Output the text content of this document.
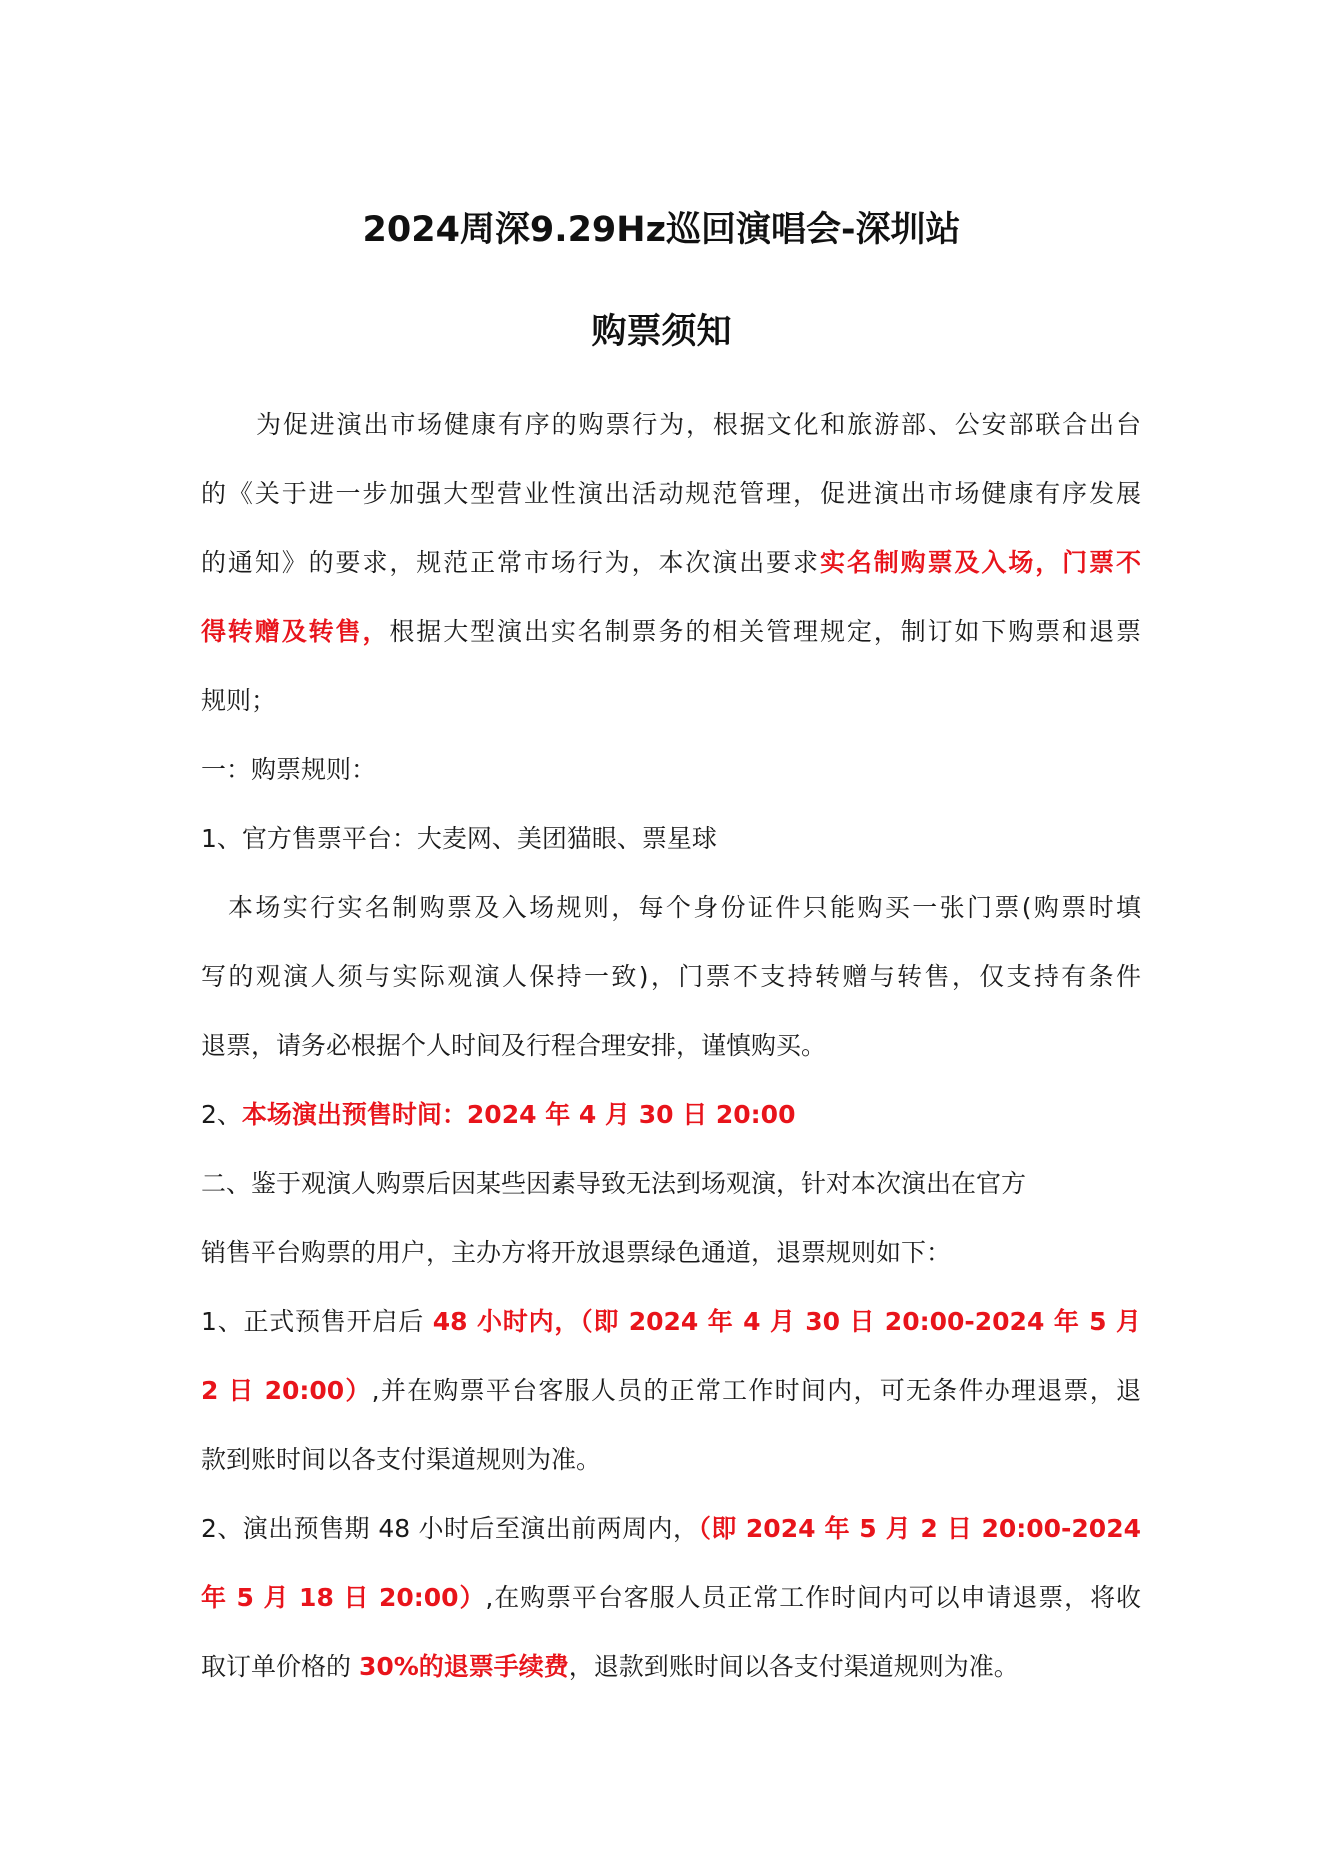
2024周深9.29Hz巡回演唱会-深圳站
购票须知
为促进演出市场健康有序的购票行为，根据文化和旅游部、公安部联合出台
的《关于进一步加强大型营业性演出活动规范管理，促进演出市场健康有序发展
的通知》的要求，规范正常市场行为，本次演出要求实名制购票及入场，门票不
得转赠及转售，根据大型演出实名制票务的相关管理规定，制订如下购票和退票
规则；
一：购票规则：
1、官方售票平台：大麦网、美团猫眼、票星球
本场实行实名制购票及入场规则，每个身份证件只能购买一张门票(购票时填
写的观演人须与实际观演人保持一致)，门票不支持转赠与转售，仅支持有条件
退票，请务必根据个人时间及行程合理安排，谨慎购买。
2、本场演出预售时间：2024 年 4 月 30 日 20:00
二、鉴于观演人购票后因某些因素导致无法到场观演，针对本次演出在官方
销售平台购票的用户，主办方将开放退票绿色通道，退票规则如下：
1、正式预售开启后 48 小时内，（即 2024 年 4 月 30 日 20:00-2024 年 5 月
2 日 20:00）,并在购票平台客服人员的正常工作时间内，可无条件办理退票，退
款到账时间以各支付渠道规则为准。
2、演出预售期 48 小时后至演出前两周内，（即 2024 年 5 月 2 日 20:00-2024
年 5 月 18 日 20:00）,在购票平台客服人员正常工作时间内可以申请退票，将收
取订单价格的 30%的退票手续费，退款到账时间以各支付渠道规则为准。
